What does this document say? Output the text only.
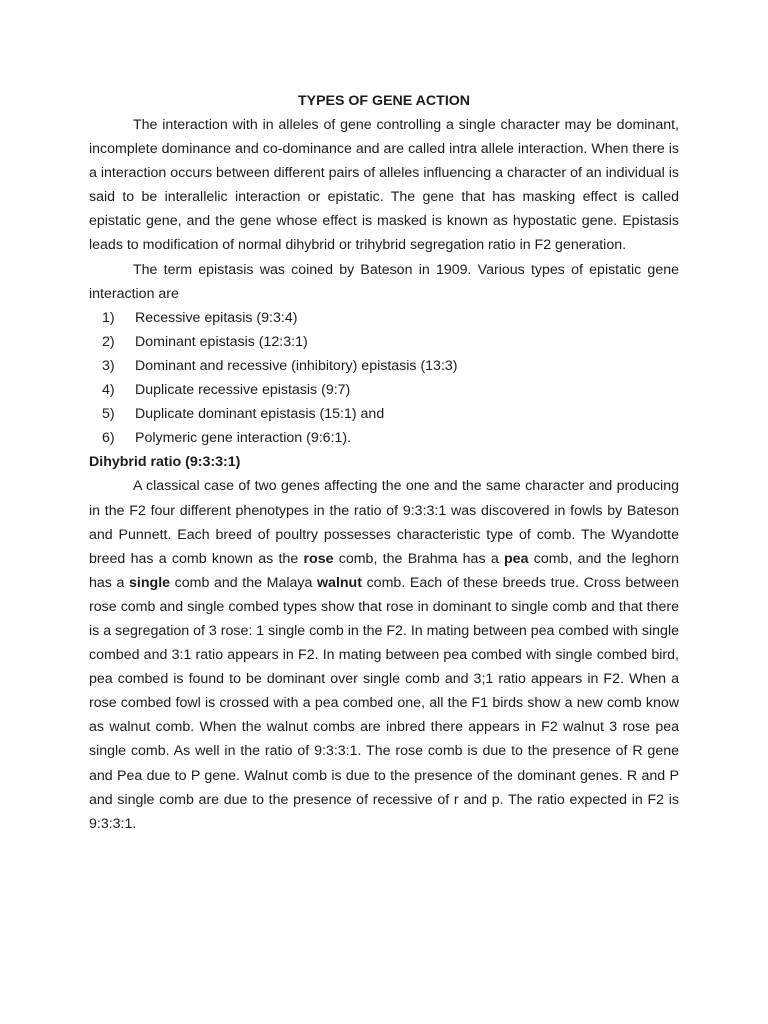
TYPES OF GENE ACTION

The interaction with in alleles of gene controlling a single character may be dominant, incomplete dominance and co-dominance and are called intra allele interaction. When there is a interaction occurs between different pairs of alleles influencing a character of an individual is said to be interallelic interaction or epistatic. The gene that has masking effect is called epistatic gene, and the gene whose effect is masked is known as hypostatic gene. Epistasis leads to modification of normal dihybrid or trihybrid segregation ratio in F2 generation.

The term epistasis was coined by Bateson in 1909. Various types of epistatic gene interaction are

1)	Recessive epitasis (9:3:4)
2)	Dominant epistasis (12:3:1)
3)	Dominant and recessive (inhibitory) epistasis (13:3)
4)	Duplicate recessive epistasis (9:7)
5)	Duplicate dominant epistasis (15:1) and
6)	Polymeric gene interaction (9:6:1).
Dihybrid ratio (9:3:3:1)

A classical case of two genes affecting the one and the same character and producing in the F2 four different phenotypes in the ratio of 9:3:3:1 was discovered in fowls by Bateson and Punnett. Each breed of poultry possesses characteristic type of comb. The Wyandotte breed has a comb known as the rose comb, the Brahma has a pea comb, and the leghorn has a single comb and the Malaya walnut comb. Each of these breeds true. Cross between rose comb and single combed types show that rose in dominant to single comb and that there is a segregation of 3 rose: 1 single comb in the F2. In mating between pea combed with single combed and 3:1 ratio appears in F2. In mating between pea combed with single combed bird, pea combed is found to be dominant over single comb and 3;1 ratio appears in F2. When a rose combed fowl is crossed with a pea combed one, all the F1 birds show a new comb know as walnut comb. When the walnut combs are inbred there appears in F2 walnut 3 rose pea single comb. As well in the ratio of 9:3:3:1. The rose comb is due to the presence of R gene and Pea due to P gene. Walnut comb is due to the presence of the dominant genes. R and P and single comb are due to the presence of recessive of r and p. The ratio expected in F2 is 9:3:3:1.
